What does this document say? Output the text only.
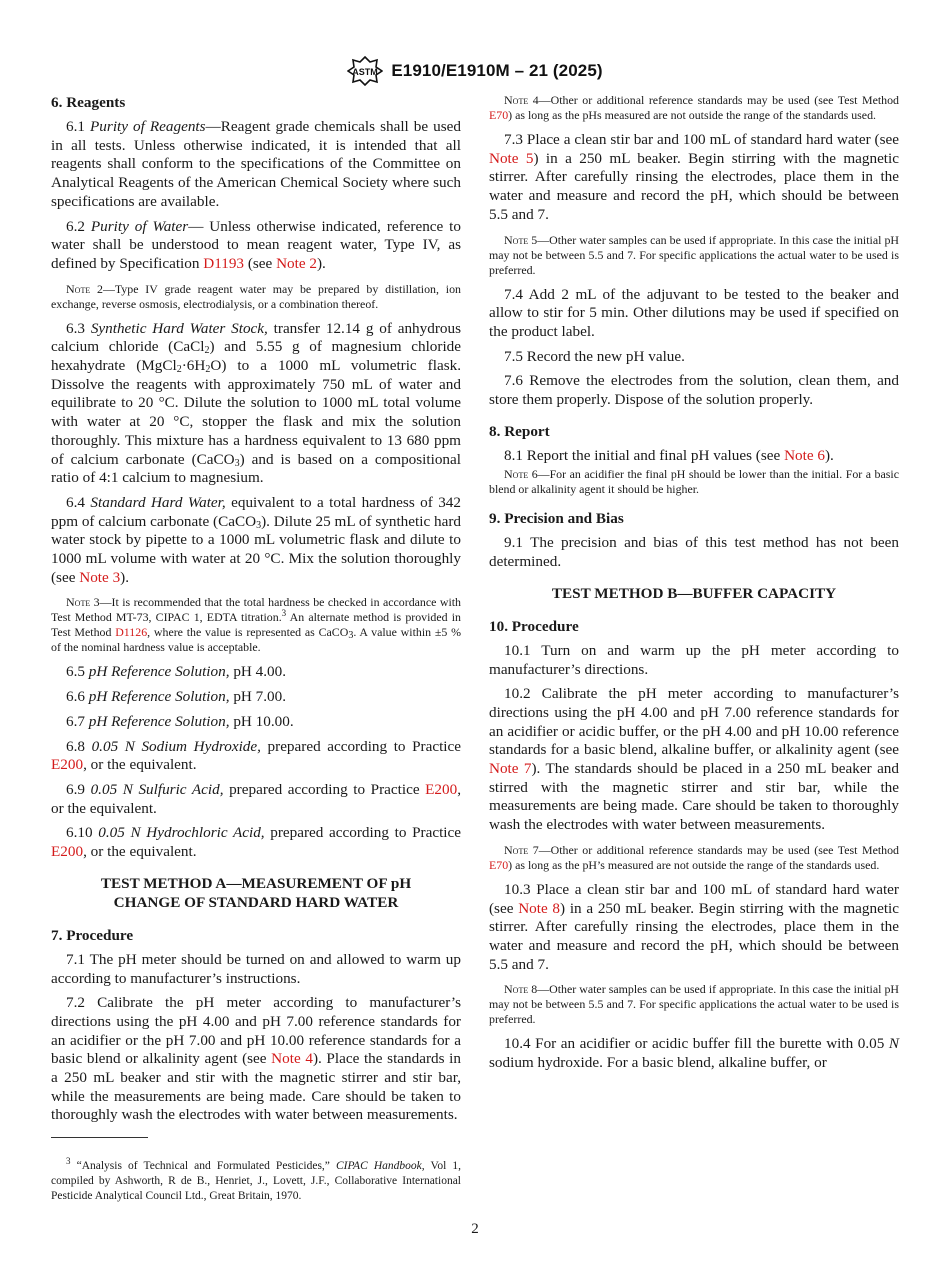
ASTM E1910/E1910M – 21 (2025)

6. Reagents

6.1 Purity of Reagents—Reagent grade chemicals shall be used in all tests. Unless otherwise indicated, it is intended that all reagents shall conform to the specifications of the Committee on Analytical Reagents of the American Chemical Society where such specifications are available.

6.2 Purity of Water— Unless otherwise indicated, reference to water shall be understood to mean reagent water, Type IV, as defined by Specification D1193 (see Note 2).

Note 2—Type IV grade reagent water may be prepared by distillation, ion exchange, reverse osmosis, electrodialysis, or a combination thereof.

6.3 Synthetic Hard Water Stock, transfer 12.14 g of anhydrous calcium chloride (CaCl$_2$) and 5.55 g of magnesium chloride hexahydrate $(MgCl_2\cdot 6H_2O)$ to a 1000 mL volumetric flask. Dissolve the reagents with approximately 750 mL of water and equilibrate to 20 °C. Dilute the solution to 1000 mL total volume with water at 20 °C, stopper the flask and mix the solution thoroughly. This mixture has a hardness equivalent to 13 680 ppm of calcium carbonate (CaCO$_3$) and is based on a compositional ratio of 4:1 calcium to magnesium.

6.4 Standard Hard Water, equivalent to a total hardness of 342 ppm of calcium carbonate (CaCO$_3$). Dilute 25 mL of synthetic hard water stock by pipette to a 1000 mL volumetric flask and dilute to 1000 mL volume with water at 20 °C. Mix the solution thoroughly (see Note 3).

Note 3—It is recommended that the total hardness be checked in accordance with Test Method MT-73, CIPAC 1, EDTA titration.$^3$ An alternate method is provided in Test Method D1126, where the value is represented as CaCO$_3$. A value within ±5 % of the nominal hardness value is acceptable.

6.5 pH Reference Solution, pH 4.00.

6.6 pH Reference Solution, pH 7.00.

6.7 pH Reference Solution, pH 10.00.

6.8 0.05 N Sodium Hydroxide, prepared according to Practice E200, or the equivalent.

6.9 0.05 N Sulfuric Acid, prepared according to Practice E200, or the equivalent.

6.10 0.05 N Hydrochloric Acid, prepared according to Practice E200, or the equivalent.

TEST METHOD A—MEASUREMENT OF pH
CHANGE OF STANDARD HARD WATER

7. Procedure

7.1 The pH meter should be turned on and allowed to warm up according to manufacturer’s instructions.

7.2 Calibrate the pH meter according to manufacturer’s directions using the pH 4.00 and pH 7.00 reference standards for an acidifier or the pH 7.00 and pH 10.00 reference standards for a basic blend or alkalinity agent (see Note 4). Place the standards in a 250 mL beaker and stir with the magnetic stirrer and stir bar, while the measurements are being made. Care should be taken to thoroughly wash the electrodes with water between measurements.

$^3$ “Analysis of Technical and Formulated Pesticides,” CIPAC Handbook, Vol 1, compiled by Ashworth, R de B., Henriet, J., Lovett, J.F., Collaborative International Pesticide Analytical Council Ltd., Great Britain, 1970.

Note 4—Other or additional reference standards may be used (see Test Method E70) as long as the pHs measured are not outside the range of the standards used.

7.3 Place a clean stir bar and 100 mL of standard hard water (see Note 5) in a 250 mL beaker. Begin stirring with the magnetic stirrer. After carefully rinsing the electrodes, place them in the water and measure and record the pH, which should be between 5.5 and 7.

Note 5—Other water samples can be used if appropriate. In this case the initial pH may not be between 5.5 and 7. For specific applications the actual water to be used is preferred.

7.4 Add 2 mL of the adjuvant to be tested to the beaker and allow to stir for 5 min. Other dilutions may be used if specified on the product label.

7.5 Record the new pH value.

7.6 Remove the electrodes from the solution, clean them, and store them properly. Dispose of the solution properly.

8. Report

8.1 Report the initial and final pH values (see Note 6).

Note 6—For an acidifier the final pH should be lower than the initial. For a basic blend or alkalinity agent it should be higher.

9. Precision and Bias

9.1 The precision and bias of this test method has not been determined.

TEST METHOD B—BUFFER CAPACITY

10. Procedure

10.1 Turn on and warm up the pH meter according to manufacturer’s directions.

10.2 Calibrate the pH meter according to manufacturer’s directions using the pH 4.00 and pH 7.00 reference standards for an acidifier or acidic buffer, or the pH 4.00 and pH 10.00 reference standards for a basic blend, alkaline buffer, or alkalinity agent (see Note 7). The standards should be placed in a 250 mL beaker and stirred with the magnetic stirrer and stir bar, while the measurements are being made. Care should be taken to thoroughly wash the electrodes with water between measurements.

Note 7—Other or additional reference standards may be used (see Test Method E70) as long as the pH’s measured are not outside the range of the standards used.

10.3 Place a clean stir bar and 100 mL of standard hard water (see Note 8) in a 250 mL beaker. Begin stirring with the magnetic stirrer. After carefully rinsing the electrodes, place them in the water and measure and record the pH, which should be between 5.5 and 7.

Note 8—Other water samples can be used if appropriate. In this case the initial pH may not be between 5.5 and 7. For specific applications the actual water to be used is preferred.

10.4 For an acidifier or acidic buffer fill the burette with 0.05 N sodium hydroxide. For a basic blend, alkaline buffer, or

2
